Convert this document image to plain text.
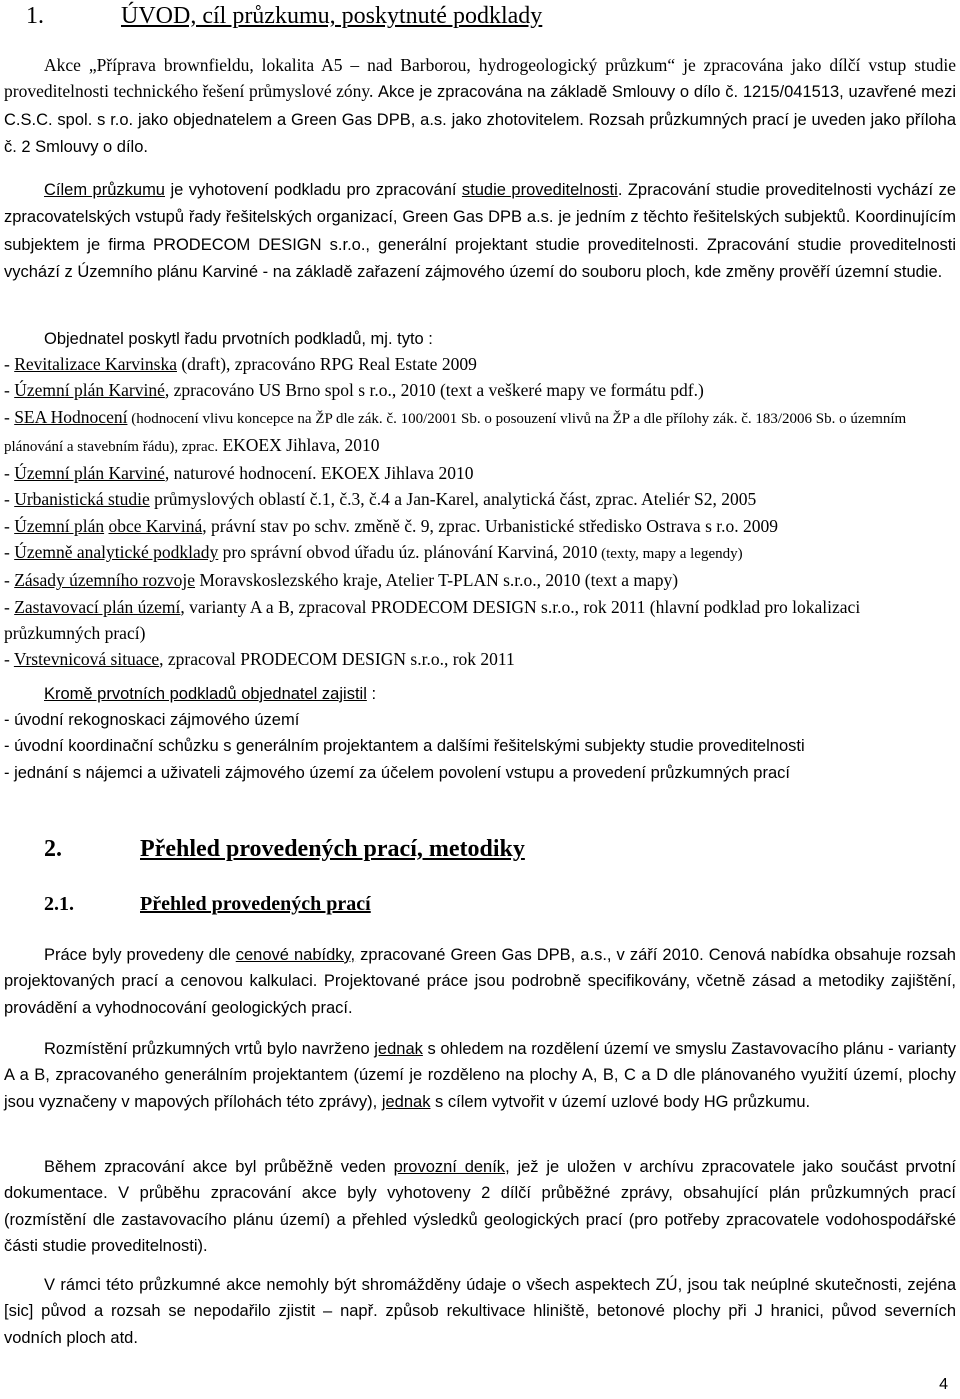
1.	ÚVOD, cíl průzkumu, poskytnuté podklady
Akce „Příprava brownfieldu, lokalita A5 – nad Barborou, hydrogeologický průzkum“ je zpracována jako dílčí vstup studie proveditelnosti technického řešení průmyslové zóny. Akce je zpracována na základě Smlouvy o dílo č. 1215/041513, uzavřené mezi C.S.C. spol. s r.o. jako objednatelem a Green Gas DPB, a.s. jako zhotovitelem. Rozsah průzkumných prací je uveden jako příloha č. 2 Smlouvy o dílo.
Cílem průzkumu je vyhotovení podkladu pro zpracování studie proveditelnosti. Zpracování studie proveditelnosti vychází ze zpracovatelských vstupů řady řešitelských organizací, Green Gas DPB a.s. je jedním z těchto řešitelských subjektů. Koordinujícím subjektem je firma PRODECOM DESIGN s.r.o., generální projektant studie proveditelnosti. Zpracování studie proveditelnosti vychází z Územního plánu Karviné - na základě zařazení zájmového území do souboru ploch, kde změny prověří územní studie.
Objednatel poskytl řadu prvotních podkladů, mj. tyto :
- Revitalizace Karvinska (draft), zpracováno RPG Real Estate 2009
- Územní plán Karviné, zpracováno US Brno spol s r.o., 2010 (text a veškeré mapy ve formátu pdf.)
- SEA Hodnocení (hodnocení vlivu koncepce na ŽP dle zák. č. 100/2001 Sb. o posouzení vlivů na ŽP a dle přílohy zák. č. 183/2006 Sb. o územním plánování a stavebním řádu), zprac. EKOEX Jihlava, 2010
- Územní plán Karviné, naturové hodnocení. EKOEX Jihlava 2010
- Urbanistická studie průmyslových oblastí č.1, č.3, č.4 a Jan-Karel, analytická část, zprac. Ateliér S2, 2005
- Územní plán obce Karviná, právní stav po schv. změně č. 9, zprac. Urbanistické středisko Ostrava s r.o. 2009
- Územně analytické podklady pro správní obvod úřadu úz. plánování Karviná, 2010 (texty, mapy a legendy)
- Zásady územního rozvoje Moravskoslezského kraje, Atelier T-PLAN s.r.o., 2010 (text a mapy)
- Zastavovací plán území, varianty A a B, zpracoval PRODECOM DESIGN s.r.o., rok 2011 (hlavní podklad pro lokalizaci průzkumných prací)
- Vrstevnicová situace, zpracoval PRODECOM DESIGN s.r.o., rok 2011
Kromě prvotních podkladů objednatel zajistil :
- úvodní rekognoskaci zájmového území
- úvodní koordinační schůzku s generálním projektantem a dalšími řešitelskými subjekty studie proveditelnosti
- jednání s nájemci a uživateli zájmového území za účelem povolení vstupu a provedení průzkumných prací
2.	Přehled provedených prací, metodiky
2.1.	Přehled provedených prací
Práce byly provedeny dle cenové nabídky, zpracované Green Gas DPB, a.s., v září 2010. Cenová nabídka obsahuje rozsah projektovaných prací a cenovou kalkulaci. Projektované práce jsou podrobně specifikovány, včetně zásad a metodiky zajištění, provádění a vyhodnocování geologických prací.
Rozmístění průzkumných vrtů bylo navrženo jednak s ohledem na rozdělení území ve smyslu Zastavovacího plánu - varianty A a B, zpracovaného generálním projektantem (území je rozděleno na plochy A, B, C a D dle plánovaného využití území, plochy jsou vyznačeny v mapových přílohách této zprávy), jednak s cílem vytvořit v území uzlové body HG průzkumu.
Během zpracování akce byl průběžně veden provozní deník, jež je uložen v archívu zpracovatele jako součást prvotní dokumentace. V průběhu zpracování akce byly vyhotoveny 2 dílčí průběžné zprávy, obsahující plán průzkumných prací (rozmístění dle zastavovacího plánu území) a přehled výsledků geologických prací (pro potřeby zpracovatele vodohospodářské části studie proveditelnosti).
V rámci této průzkumné akce nemohly být shromážděny údaje o všech aspektech ZÚ, jsou tak neúplné skutečnosti, zejéna [sic] původ a rozsah se nepodařilo zjistit – např. způsob rekultivace hliniště, betonové plochy při J hranici, původ severních vodních ploch atd.
4
